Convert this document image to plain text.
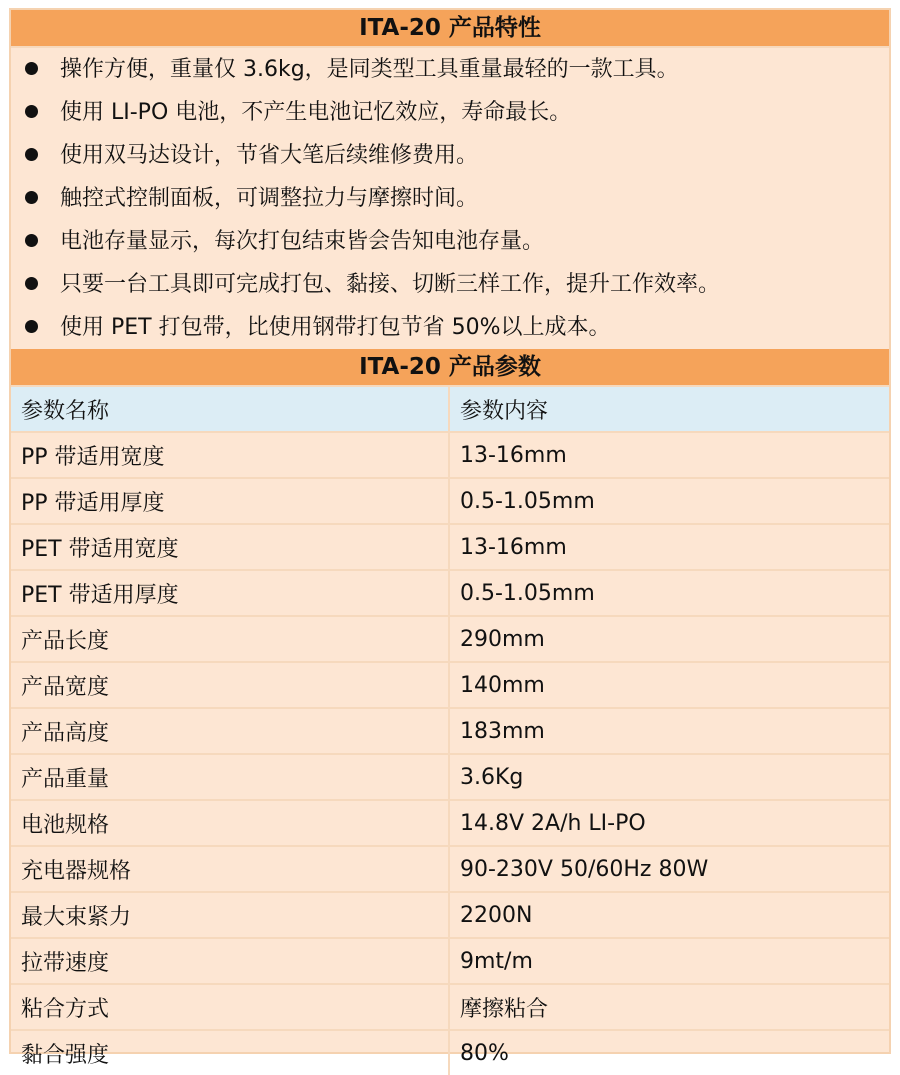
ITA-20 产品特性
操作方便，重量仅 3.6kg，是同类型工具重量最轻的一款工具。
使用 LI-PO 电池，不产生电池记忆效应，寿命最长。
使用双马达设计，节省大笔后续维修费用。
触控式控制面板，可调整拉力与摩擦时间。
电池存量显示，每次打包结束皆会告知电池存量。
只要一台工具即可完成打包、黏接、切断三样工作，提升工作效率。
使用 PET 打包带，比使用钢带打包节省 50%以上成本。
ITA-20 产品参数
参数名称	参数内容
PP 带适用宽度	13-16mm
PP 带适用厚度	0.5-1.05mm
PET 带适用宽度	13-16mm
PET 带适用厚度	0.5-1.05mm
产品长度	290mm
产品宽度	140mm
产品高度	183mm
产品重量	3.6Kg
电池规格	14.8V 2A/h LI-PO
充电器规格	90-230V 50/60Hz 80W
最大束紧力	2200N
拉带速度	9mt/m
粘合方式	摩擦粘合
黏合强度	80%
